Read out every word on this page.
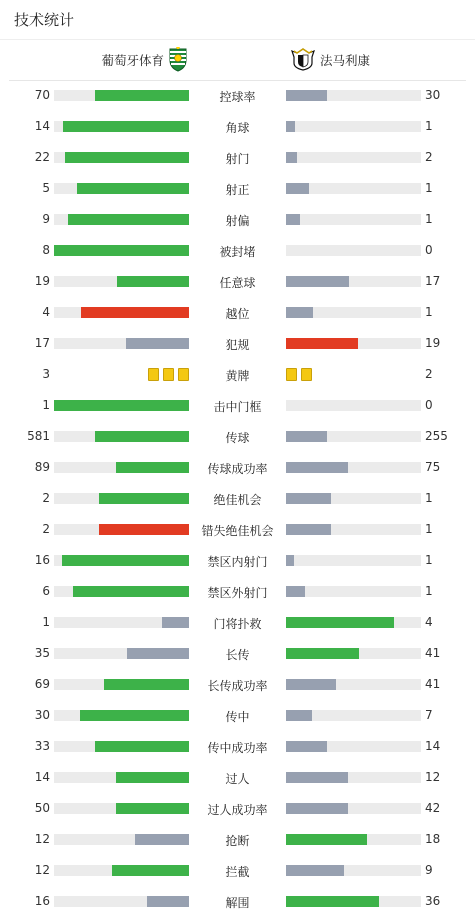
技术统计
葡萄牙体育	法马利康
70	控球率	30
14	角球	1
22	射门	2
5	射正	1
9	射偏	1
8	被封堵	0
19	任意球	17
4	越位	1
17	犯规	19
3	黄牌	2
1	击中门框	0
581	传球	255
89	传球成功率	75
2	绝佳机会	1
2	错失绝佳机会	1
16	禁区内射门	1
6	禁区外射门	1
1	门将扑救	4
35	长传	41
69	长传成功率	41
30	传中	7
33	传中成功率	14
14	过人	12
50	过人成功率	42
12	抢断	18
12	拦截	9
16	解围	36
